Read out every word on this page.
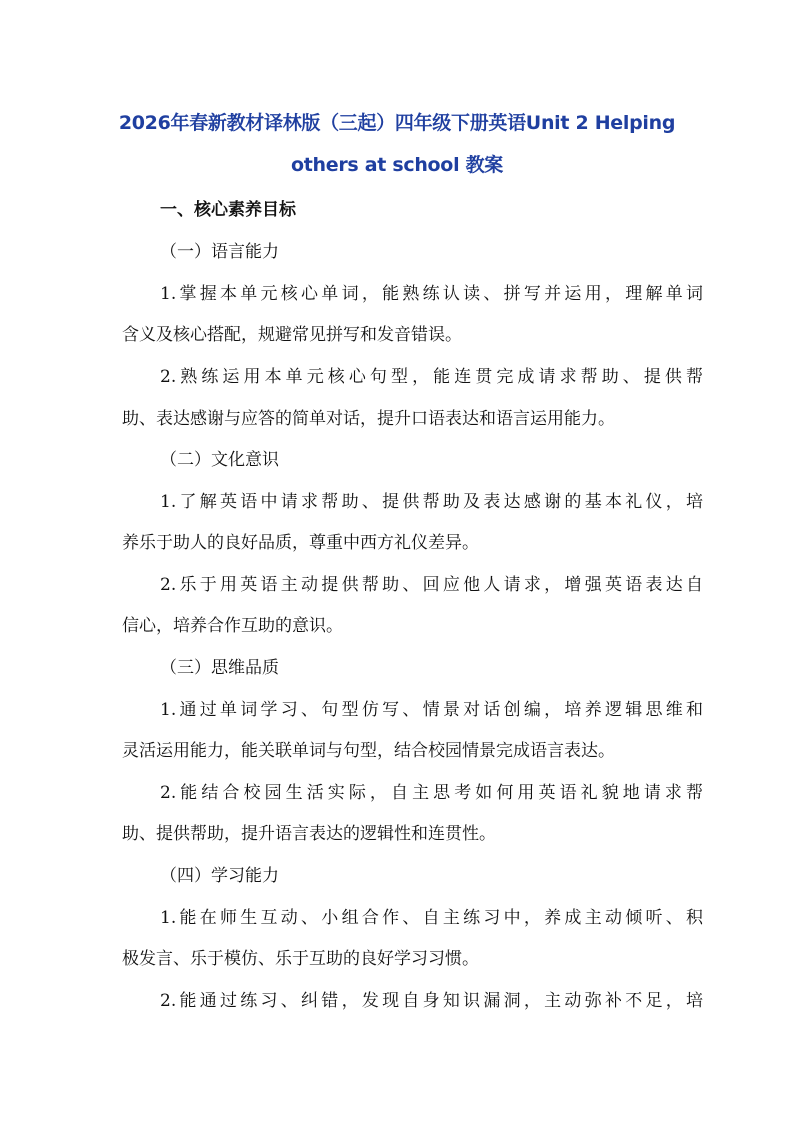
2026年春新教材译林版（三起）四年级下册英语Unit 2 Helping
others at school 教案
一、核心素养目标
（一）语言能力
1.掌握本单元核心单词，能熟练认读、拼写并运用，理解单词
含义及核心搭配，规避常见拼写和发音错误。
2.熟练运用本单元核心句型，能连贯完成请求帮助、提供帮
助、表达感谢与应答的简单对话，提升口语表达和语言运用能力。
（二）文化意识
1.了解英语中请求帮助、提供帮助及表达感谢的基本礼仪，培
养乐于助人的良好品质，尊重中西方礼仪差异。
2.乐于用英语主动提供帮助、回应他人请求，增强英语表达自
信心，培养合作互助的意识。
（三）思维品质
1.通过单词学习、句型仿写、情景对话创编，培养逻辑思维和
灵活运用能力，能关联单词与句型，结合校园情景完成语言表达。
2.能结合校园生活实际，自主思考如何用英语礼貌地请求帮
助、提供帮助，提升语言表达的逻辑性和连贯性。
（四）学习能力
1.能在师生互动、小组合作、自主练习中，养成主动倾听、积
极发言、乐于模仿、乐于互助的良好学习习惯。
2.能通过练习、纠错，发现自身知识漏洞，主动弥补不足，培
